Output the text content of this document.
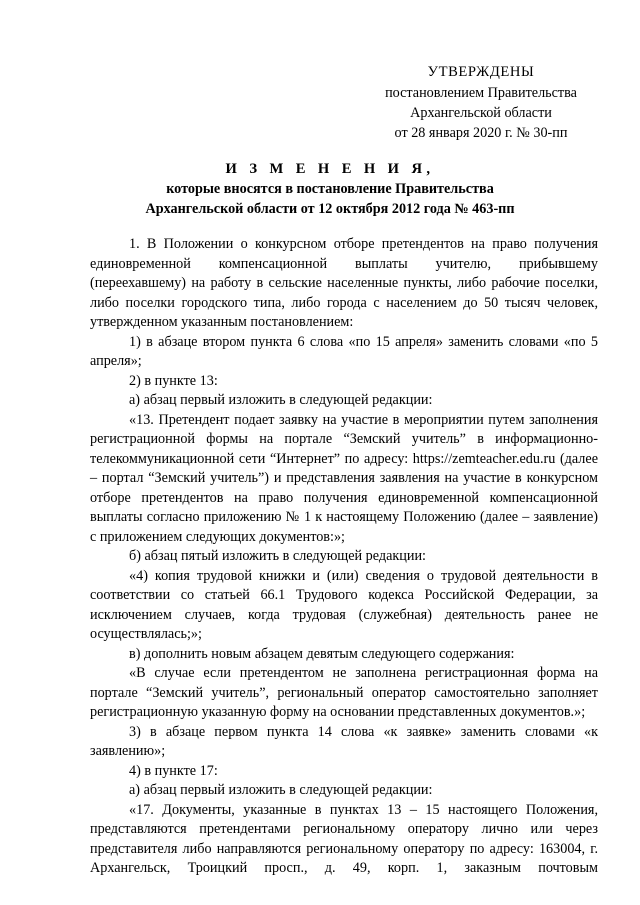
УТВЕРЖДЕНЫ
постановлением Правительства
Архангельской области
от 28 января 2020 г. № 30-пп
И З М Е Н Е Н И Я,
которые вносятся в постановление Правительства
Архангельской области от 12 октября 2012 года № 463-пп

1. В Положении о конкурсном отборе претендентов на право получения единовременной компенсационной выплаты учителю, прибывшему (переехавшему) на работу в сельские населенные пункты, либо рабочие поселки, либо поселки городского типа, либо города с населением до 50 тысяч человек, утвержденном указанным постановлением:

1) в абзаце втором пункта 6 слова «по 15 апреля» заменить словами «по 5 апреля»;

2) в пункте 13:

а) абзац первый изложить в следующей редакции:

«13. Претендент подает заявку на участие в мероприятии путем заполнения регистрационной формы на портале “Земский учитель” в информационно-телекоммуникационной сети “Интернет” по адресу: https://zemteacher.edu.ru (далее – портал “Земский учитель”) и представления заявления на участие в конкурсном отборе претендентов на право получения единовременной компенсационной выплаты согласно приложению № 1 к настоящему Положению (далее – заявление) с приложением следующих документов:»;

б) абзац пятый изложить в следующей редакции:

«4) копия трудовой книжки и (или) сведения о трудовой деятельности в соответствии со статьей 66.1 Трудового кодекса Российской Федерации, за исключением случаев, когда трудовая (служебная) деятельность ранее не осуществлялась;»;

в) дополнить новым абзацем девятым следующего содержания:

«В случае если претендентом не заполнена регистрационная форма на портале “Земский учитель”, региональный оператор самостоятельно заполняет регистрационную указанную форму на основании представленных документов.»;

3) в абзаце первом пункта 14 слова «к заявке» заменить словами «к заявлению»;

4) в пункте 17:

а) абзац первый изложить в следующей редакции:

«17. Документы, указанные в пунктах 13 – 15 настоящего Положения, представляются претендентами региональному оператору лично или через представителя либо направляются региональному оператору по адресу: 163004, г. Архангельск, Троицкий просп., д. 49, корп. 1, заказным почтовым
